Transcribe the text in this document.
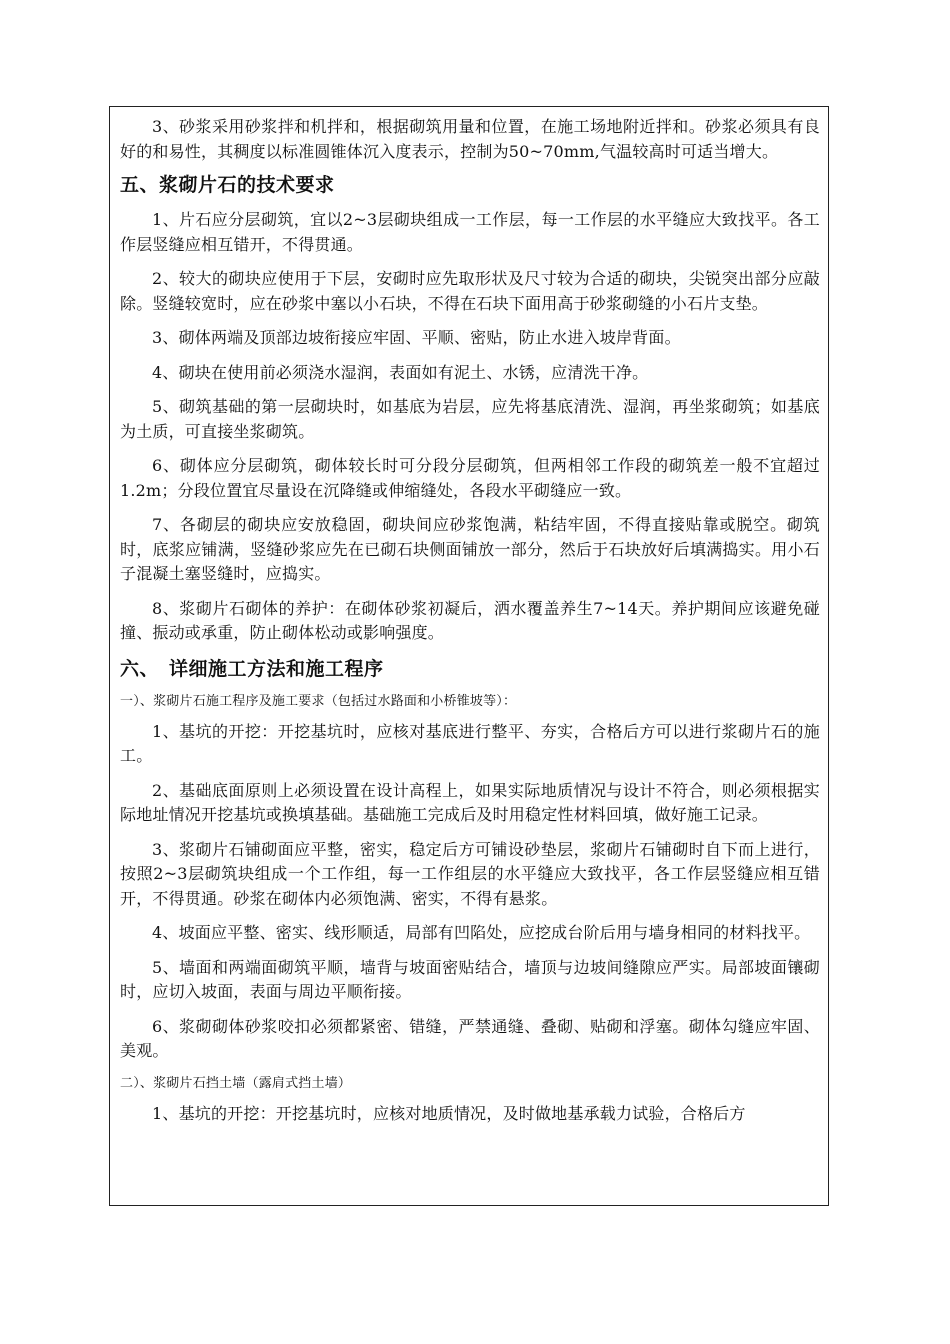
3、砂浆采用砂浆拌和机拌和，根据砌筑用量和位置，在施工场地附近拌和。砂浆必须具有良好的和易性，其稠度以标准圆锥体沉入度表示，控制为50~70mm,气温较高时可适当增大。

五、浆砌片石的技术要求

1、片石应分层砌筑，宜以2~3层砌块组成一工作层，每一工作层的水平缝应大致找平。各工作层竖缝应相互错开，不得贯通。

2、较大的砌块应使用于下层，安砌时应先取形状及尺寸较为合适的砌块，尖锐突出部分应敲除。竖缝较宽时，应在砂浆中塞以小石块，不得在石块下面用高于砂浆砌缝的小石片支垫。

3、砌体两端及顶部边坡衔接应牢固、平顺、密贴，防止水进入坡岸背面。

4、砌块在使用前必须浇水湿润，表面如有泥土、水锈，应清洗干净。

5、砌筑基础的第一层砌块时，如基底为岩层，应先将基底清洗、湿润，再坐浆砌筑；如基底为土质，可直接坐浆砌筑。

6、砌体应分层砌筑，砌体较长时可分段分层砌筑，但两相邻工作段的砌筑差一般不宜超过1.2m；分段位置宜尽量设在沉降缝或伸缩缝处，各段水平砌缝应一致。

7、各砌层的砌块应安放稳固，砌块间应砂浆饱满，粘结牢固，不得直接贴靠或脱空。砌筑时，底浆应铺满，竖缝砂浆应先在已砌石块侧面铺放一部分，然后于石块放好后填满捣实。用小石子混凝土塞竖缝时，应捣实。

8、浆砌片石砌体的养护：在砌体砂浆初凝后，洒水覆盖养生7~14天。养护期间应该避免碰撞、振动或承重，防止砌体松动或影响强度。

六、　详细施工方法和施工程序
一）、浆砌片石施工程序及施工要求（包括过水路面和小桥锥坡等）：

1、基坑的开挖：开挖基坑时，应核对基底进行整平、夯实，合格后方可以进行浆砌片石的施工。

2、基础底面原则上必须设置在设计高程上，如果实际地质情况与设计不符合，则必须根据实际地址情况开挖基坑或换填基础。基础施工完成后及时用稳定性材料回填，做好施工记录。

3、浆砌片石铺砌面应平整，密实，稳定后方可铺设砂垫层，浆砌片石铺砌时自下而上进行，按照2~3层砌筑块组成一个工作组，每一工作组层的水平缝应大致找平，各工作层竖缝应相互错开，不得贯通。砂浆在砌体内必须饱满、密实，不得有悬浆。

4、坡面应平整、密实、线形顺适，局部有凹陷处，应挖成台阶后用与墙身相同的材料找平。

5、墙面和两端面砌筑平顺，墙背与坡面密贴结合，墙顶与边坡间缝隙应严实。局部坡面镶砌时，应切入坡面，表面与周边平顺衔接。

6、浆砌砌体砂浆咬扣必须都紧密、错缝，严禁通缝、叠砌、贴砌和浮塞。砌体勾缝应牢固、美观。

二）、浆砌片石挡土墙（露肩式挡土墙）

1、基坑的开挖：开挖基坑时，应核对地质情况，及时做地基承载力试验，合格后方
